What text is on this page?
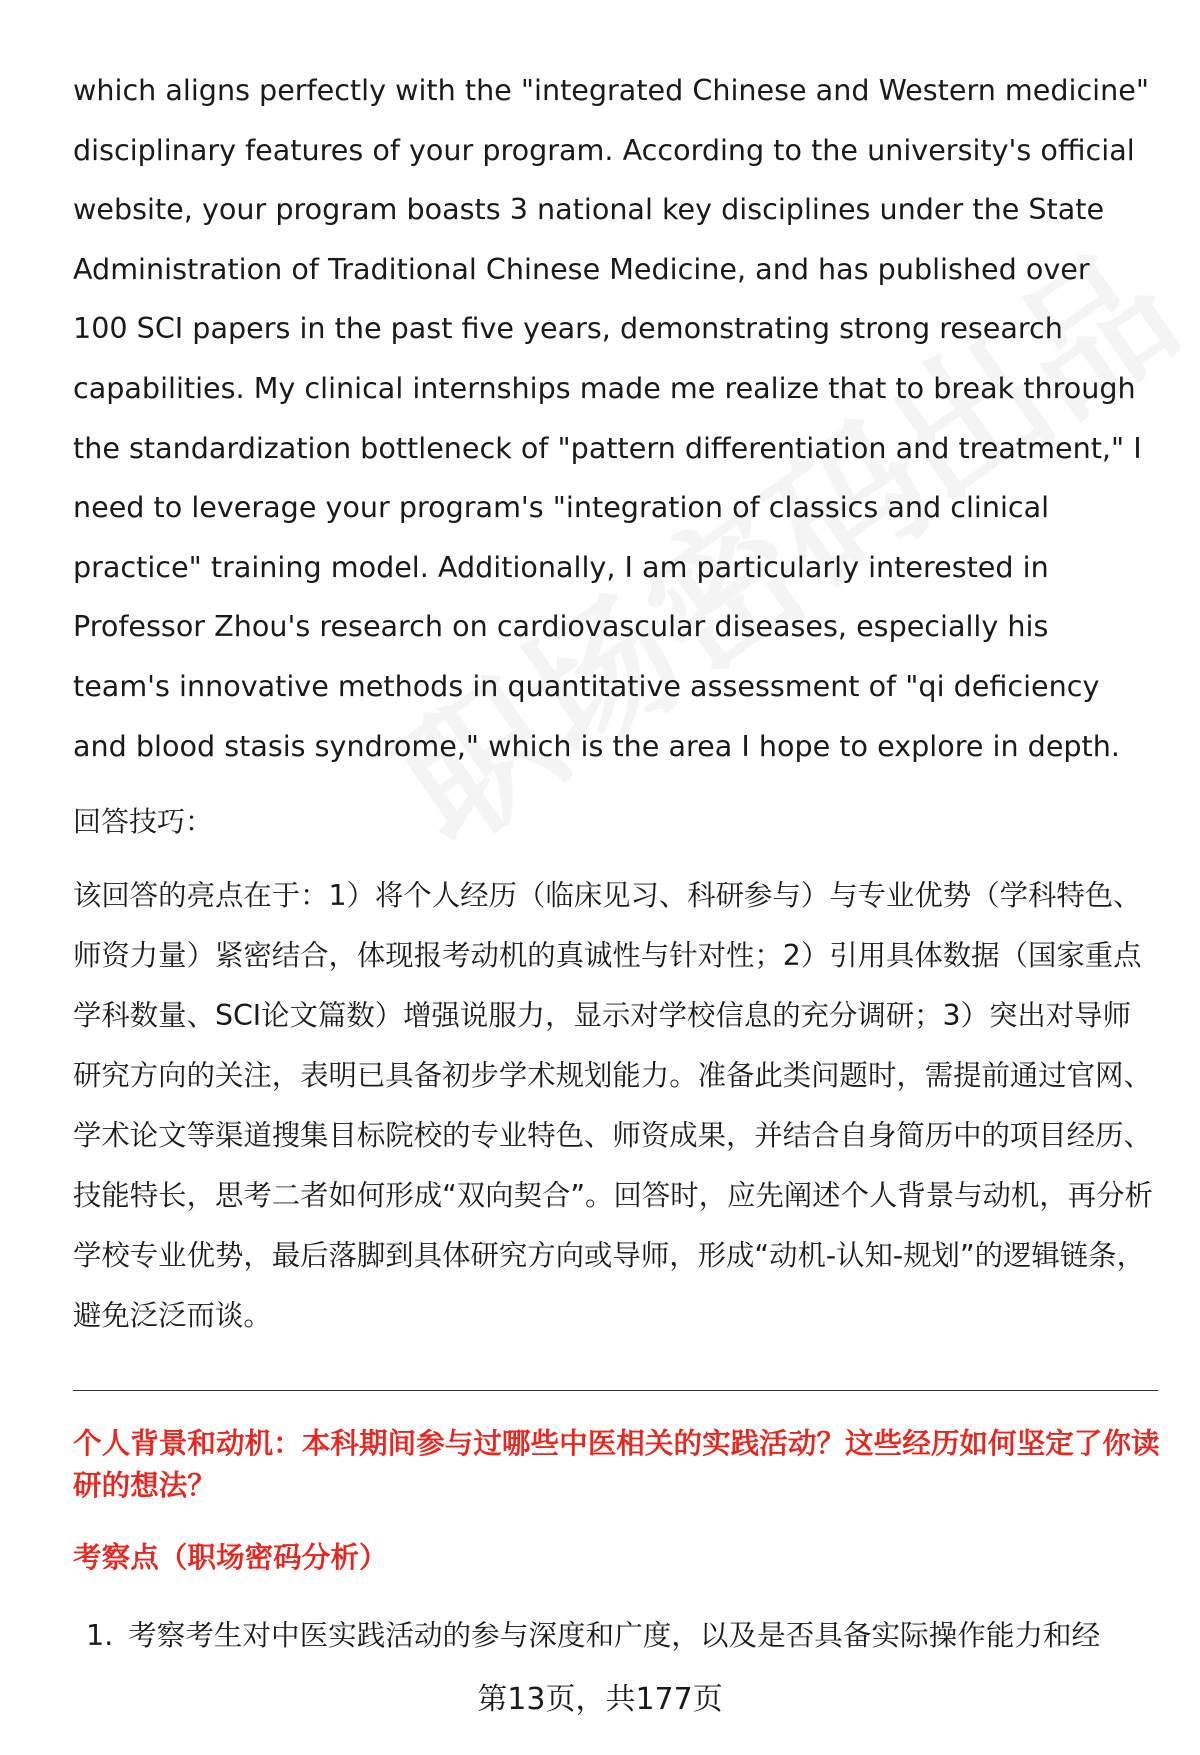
which aligns perfectly with the "integrated Chinese and Western medicine" disciplinary features of your program. According to the university's official website, your program boasts 3 national key disciplines under the State Administration of Traditional Chinese Medicine, and has published over 100 SCI papers in the past five years, demonstrating strong research capabilities. My clinical internships made me realize that to break through the standardization bottleneck of "pattern differentiation and treatment," I need to leverage your program's "integration of classics and clinical practice" training model. Additionally, I am particularly interested in Professor Zhou's research on cardiovascular diseases, especially his team's innovative methods in quantitative assessment of "qi deficiency and blood stasis syndrome," which is the area I hope to explore in depth.

回答技巧：

该回答的亮点在于：1）将个人经历（临床见习、科研参与）与专业优势（学科特色、师资力量）紧密结合，体现报考动机的真诚性与针对性；2）引用具体数据（国家重点学科数量、SCI论文篇数）增强说服力，显示对学校信息的充分调研；3）突出对导师研究方向的关注，表明已具备初步学术规划能力。准备此类问题时，需提前通过官网、学术论文等渠道搜集目标院校的专业特色、师资成果，并结合自身简历中的项目经历、技能特长，思考二者如何形成“双向契合”。回答时，应先阐述个人背景与动机，再分析学校专业优势，最后落脚到具体研究方向或导师，形成“动机-认知-规划”的逻辑链条，避免泛泛而谈。

个人背景和动机：本科期间参与过哪些中医相关的实践活动？这些经历如何坚定了你读研的想法？

考察点（职场密码分析）

1. 考察考生对中医实践活动的参与深度和广度，以及是否具备实际操作能力和经

第13页，共177页
